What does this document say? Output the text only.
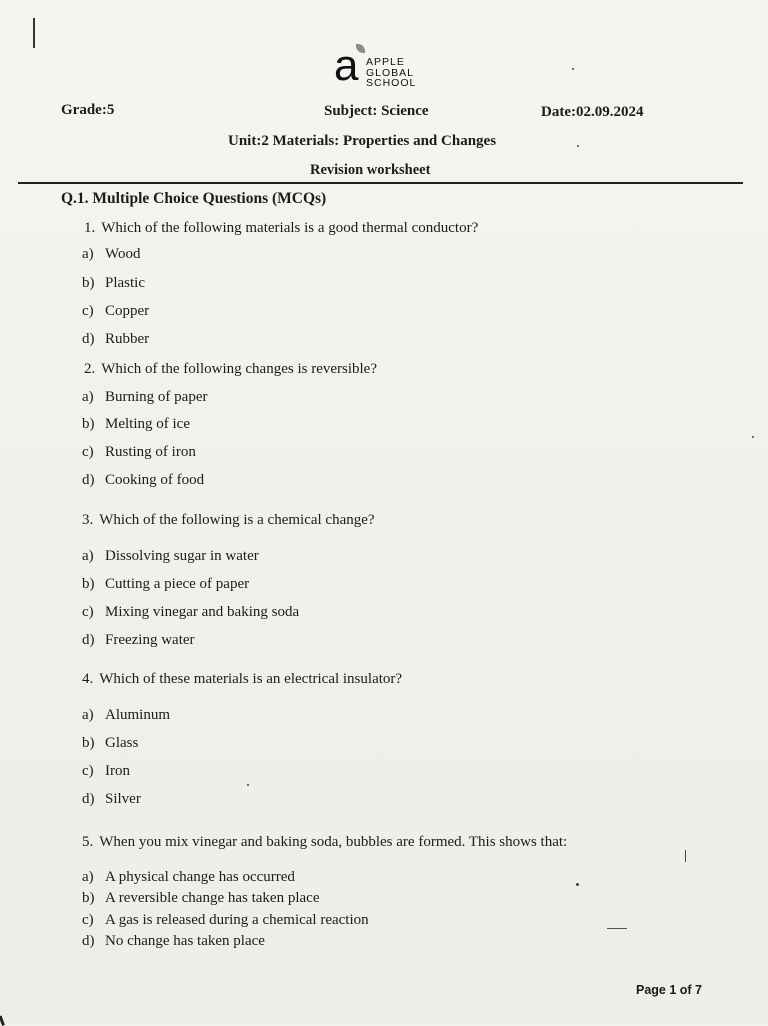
a APPLE
GLOBAL
SCHOOL
Grade:5	Subject: Science	Date:02.09.2024
Unit:2 Materials: Properties and Changes
Revision worksheet
Q.1. Multiple Choice Questions (MCQs)
1. Which of the following materials is a good thermal conductor?
a) Wood
b) Plastic
c) Copper
d) Rubber
2. Which of the following changes is reversible?
a) Burning of paper
b) Melting of ice
c) Rusting of iron
d) Cooking of food
3. Which of the following is a chemical change?
a) Dissolving sugar in water
b) Cutting a piece of paper
c) Mixing vinegar and baking soda
d) Freezing water
4. Which of these materials is an electrical insulator?
a) Aluminum
b) Glass
c) Iron
d) Silver
5. When you mix vinegar and baking soda, bubbles are formed. This shows that:
a) A physical change has occurred
b) A reversible change has taken place
c) A gas is released during a chemical reaction
d) No change has taken place
Page 1 of 7
